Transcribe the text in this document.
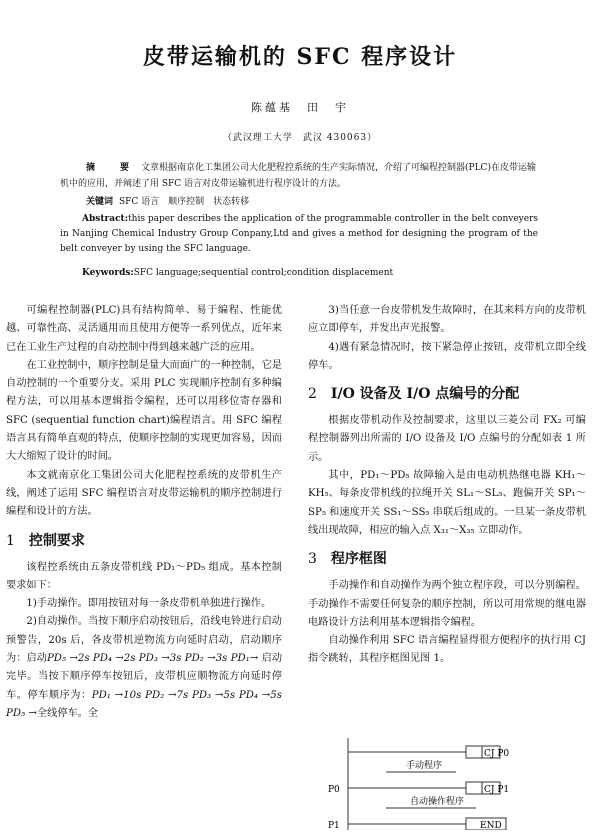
皮带运输机的 SFC 程序设计
陈蕴基　田　宇
（武汉理工大学　武汉 430063）
摘　要 文章根据南京化工集团公司大化肥程控系统的生产实际情况，介绍了可编程控制器(PLC)在皮带运输机中的应用，并阐述了用 SFC 语言对皮带运输机进行程序设计的方法。
关键词 SFC 语言　顺序控制　状态转移
Abstract:this paper describes the application of the programmable controller in the belt conveyers in Nanjing Chemical Industry Group Conpany,Ltd and gives a method for designing the program of the belt conveyer by using the SFC language.
Keywords:SFC language;sequential control;condition displacement

可编程控制器(PLC)具有结构简单、易于编程、性能优越、可靠性高、灵活通用而且使用方便等一系列优点，近年来已在工业生产过程的自动控制中得到越来越广泛的应用。

在工业控制中，顺序控制是量大而面广的一种控制，它是自动控制的一个重要分支。采用 PLC 实现顺序控制有多种编程方法，可以用基本逻辑指令编程，还可以用移位寄存器和 SFC (sequential function chart)编程语言。用 SFC 编程语言具有简单直观的特点，使顺序控制的实现更加容易，因而大大缩短了设计的时间。

本文就南京化工集团公司大化肥程控系统的皮带机生产线，阐述了运用 SFC 编程语言对皮带运输机的顺序控制进行编程和设计的方法。

1 控制要求

该程控系统由五条皮带机线 PD₁～PD₅ 组成。基本控制要求如下：

1)手动操作。即用按钮对每一条皮带机单独进行操作。

2)自动操作。当按下顺序启动按钮后，沿线电铃进行启动预警告，20s 后，各皮带机逆物流方向延时启动，启动顺序为：启动PD₅ →2s PD₄ →2s PD₃ →3s PD₂ →3s PD₁→ 启动完毕。当按下顺序停车按钮后，皮带机应顺物流方向延时停车。停车顺序为：PD₁ →10s PD₂ →7s PD₃ →5s PD₄ →5s PD₅ →全线停车。全

3)当任意一台皮带机发生故障时，在其来料方向的皮带机应立即停车，并发出声光报警。

4)遇有紧急情况时，按下紧急停止按钮，皮带机立即全线停车。

2 I/O 设备及 I/O 点编号的分配

根据皮带机动作及控制要求，这里以三菱公司 FX₂ 可编程控制器列出所需的 I/O 设备及 I/O 点编号的分配如表 1 所示。

其中，PD₁～PD₅ 故障输入是由电动机热继电器 KH₁～KH₅、每条皮带机线的拉绳开关 SL₁～SL₅、跑偏开关 SP₁～SP₅ 和速度开关 SS₁～SS₅ 串联后组成的。一旦某一条皮带机线出现故障，相应的输入点 X₃₁～X₃₅ 立即动作。

3 程序框图

手动操作和自动操作为两个独立程序段，可以分别编程。手动操作不需要任何复杂的顺序控制，所以可用常规的继电器电路设计方法利用基本逻辑指令编程。

自动操作利用 SFC 语言编程显得很方便程序的执行用 CJ 指令跳转，其程序框图见图 1。

CJ P0
手动程序
P0	CJ P1
自动操作程序
P1	END
